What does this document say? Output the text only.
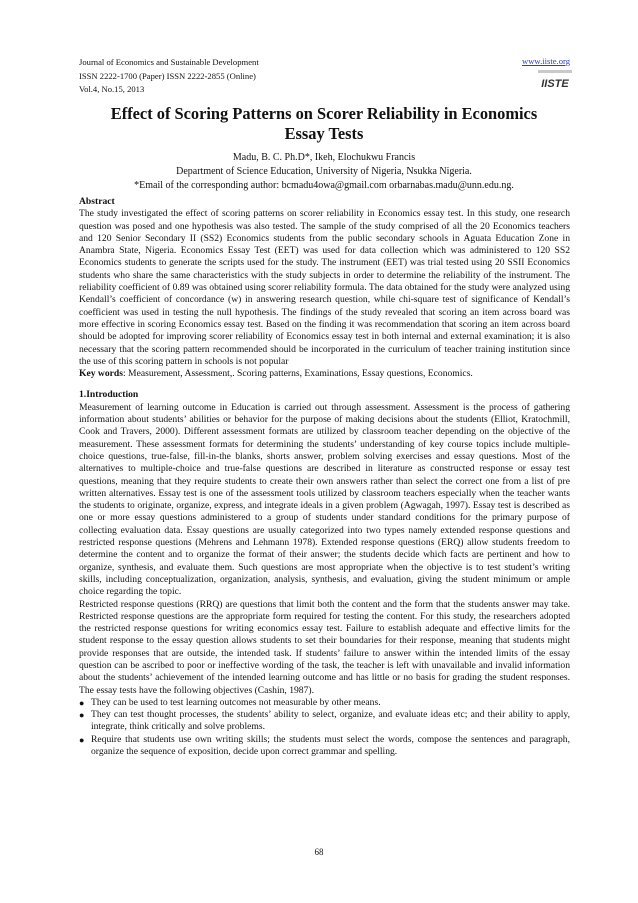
Journal of Economics and Sustainable Development
ISSN 2222-1700 (Paper) ISSN 2222-2855 (Online)
Vol.4, No.15, 2013
www.iiste.org
IISTE
Effect of Scoring Patterns on Scorer Reliability in Economics
Essay Tests
Madu, B. C. Ph.D*, Ikeh, Elochukwu Francis
Department of Science Education, University of Nigeria, Nsukka Nigeria.
*Email of the corresponding author: bcmadu4owa@gmail.com orbarnabas.madu@unn.edu.ng.

Abstract

The study investigated the effect of scoring patterns on scorer reliability in Economics essay test. In this study, one research question was posed and one hypothesis was also tested. The sample of the study comprised of all the 20 Economics teachers and 120 Senior Secondary II (SS2) Economics students from the public secondary schools in Aguata Education Zone in Anambra State, Nigeria. Economics Essay Test (EET) was used for data collection which was administered to 120 SS2 Economics students to generate the scripts used for the study. The instrument (EET) was trial tested using 20 SSII Economics students who share the same characteristics with the study subjects in order to determine the reliability of the instrument. The reliability coefficient of 0.89 was obtained using scorer reliability formula. The data obtained for the study were analyzed using Kendall’s coefficient of concordance (w) in answering research question, while chi-square test of significance of Kendall’s coefficient was used in testing the null hypothesis. The findings of the study revealed that scoring an item across board was more effective in scoring Economics essay test. Based on the finding it was recommendation that scoring an item across board should be adopted for improving scorer reliability of Economics essay test in both internal and external examination; it is also necessary that the scoring pattern recommended should be incorporated in the curriculum of teacher training institution since the use of this scoring pattern in schools is not popular

Key words: Measurement, Assessment,. Scoring patterns, Examinations, Essay questions, Economics.

1.Introduction

Measurement of learning outcome in Education is carried out through assessment. Assessment is the process of gathering information about students’ abilities or behavior for the purpose of making decisions about the students (Elliot, Kratochmill, Cook and Travers, 2000). Different assessment formats are utilized by classroom teacher depending on the objective of the measurement. These assessment formats for determining the students’ understanding of key course topics include multiple-choice questions, true-false, fill-in-the blanks, shorts answer, problem solving exercises and essay questions. Most of the alternatives to multiple-choice and true-false questions are described in literature as constructed response or essay test questions, meaning that they require students to create their own answers rather than select the correct one from a list of pre written alternatives. Essay test is one of the assessment tools utilized by classroom teachers especially when the teacher wants the students to originate, organize, express, and integrate ideals in a given problem (Agwagah, 1997). Essay test is described as one or more essay questions administered to a group of students under standard conditions for the primary purpose of collecting evaluation data. Essay questions are usually categorized into two types namely extended response questions and restricted response questions (Mehrens and Lehmann 1978). Extended response questions (ERQ) allow students freedom to determine the content and to organize the format of their answer; the students decide which facts are pertinent and how to organize, synthesis, and evaluate them. Such questions are most appropriate when the objective is to test student’s writing skills, including conceptualization, organization, analysis, synthesis, and evaluation, giving the student minimum or ample choice regarding the topic.

Restricted response questions (RRQ) are questions that limit both the content and the form that the students answer may take. Restricted response questions are the appropriate form required for testing the content. For this study, the researchers adopted the restricted response questions for writing economics essay test. Failure to establish adequate and effective limits for the student response to the essay question allows students to set their boundaries for their response, meaning that students might provide responses that are outside, the intended task. If students’ failure to answer within the intended limits of the essay question can be ascribed to poor or ineffective wording of the task, the teacher is left with unavailable and invalid information about the students’ achievement of the intended learning outcome and has little or no basis for grading the student responses. The essay tests have the following objectives (Cashin, 1987).

● They can be used to test learning outcomes not measurable by other means.
● They can test thought processes, the students’ ability to select, organize, and evaluate ideas etc; and their ability to apply, integrate, think critically and solve problems.
● Require that students use own writing skills; the students must select the words, compose the sentences and paragraph, organize the sequence of exposition, decide upon correct grammar and spelling.
68
